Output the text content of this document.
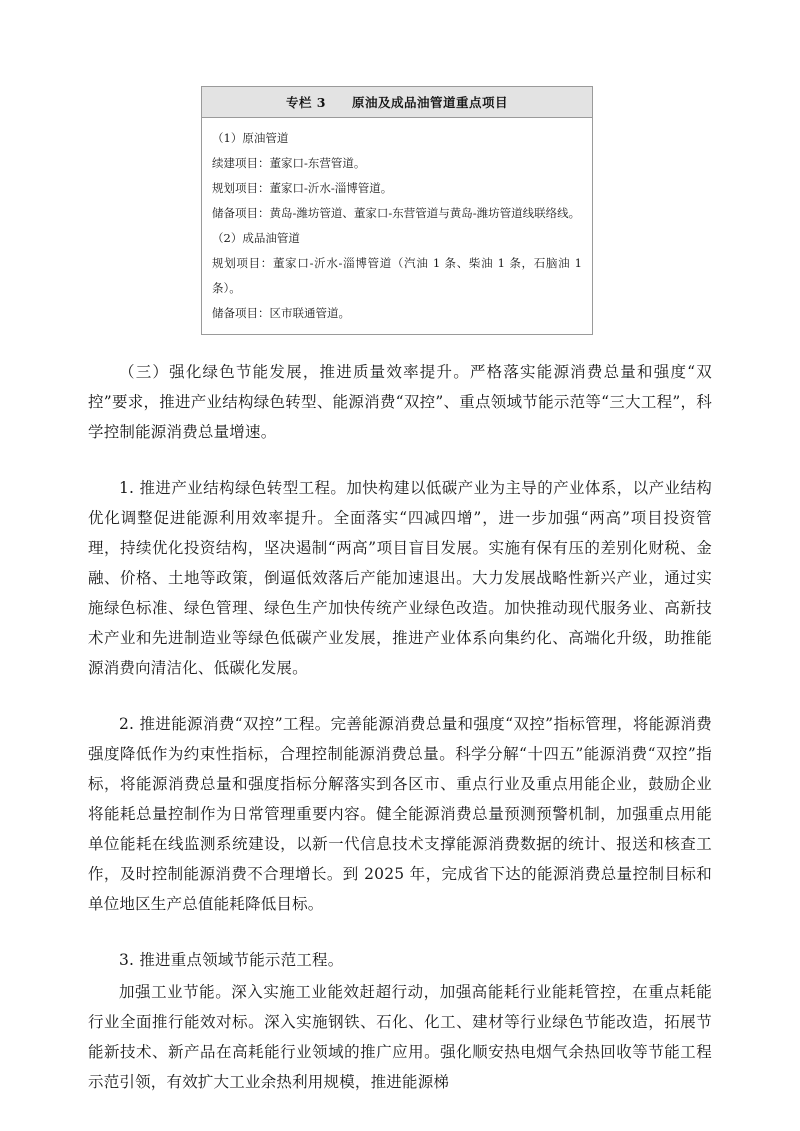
专栏 3 原油及成品油管道重点项目
（1）原油管道
续建项目：董家口-东营管道。
规划项目：董家口-沂水-淄博管道。
储备项目：黄岛-潍坊管道、董家口-东营管道与黄岛-潍坊管道线联络线。
（2）成品油管道
规划项目：董家口-沂水-淄博管道（汽油 1 条、柴油 1 条，石脑油 1 条）。
储备项目：区市联通管道。

（三）强化绿色节能发展，推进质量效率提升。严格落实能源消费总量和强度“双控”要求，推进产业结构绿色转型、能源消费“双控”、重点领域节能示范等“三大工程”，科学控制能源消费总量增速。

1. 推进产业结构绿色转型工程。加快构建以低碳产业为主导的产业体系，以产业结构优化调整促进能源利用效率提升。全面落实“四减四增”，进一步加强“两高”项目投资管理，持续优化投资结构，坚决遏制“两高”项目盲目发展。实施有保有压的差别化财税、金融、价格、土地等政策，倒逼低效落后产能加速退出。大力发展战略性新兴产业，通过实施绿色标准、绿色管理、绿色生产加快传统产业绿色改造。加快推动现代服务业、高新技术产业和先进制造业等绿色低碳产业发展，推进产业体系向集约化、高端化升级，助推能源消费向清洁化、低碳化发展。

2. 推进能源消费“双控”工程。完善能源消费总量和强度“双控”指标管理，将能源消费强度降低作为约束性指标，合理控制能源消费总量。科学分解“十四五”能源消费“双控”指标，将能源消费总量和强度指标分解落实到各区市、重点行业及重点用能企业，鼓励企业将能耗总量控制作为日常管理重要内容。健全能源消费总量预测预警机制，加强重点用能单位能耗在线监测系统建设，以新一代信息技术支撑能源消费数据的统计、报送和核查工作，及时控制能源消费不合理增长。到 2025 年，完成省下达的能源消费总量控制目标和单位地区生产总值能耗降低目标。

3. 推进重点领域节能示范工程。

加强工业节能。深入实施工业能效赶超行动，加强高能耗行业能耗管控，在重点耗能行业全面推行能效对标。深入实施钢铁、石化、化工、建材等行业绿色节能改造，拓展节能新技术、新产品在高耗能行业领域的推广应用。强化顺安热电烟气余热回收等节能工程示范引领，有效扩大工业余热利用规模，推进能源梯
